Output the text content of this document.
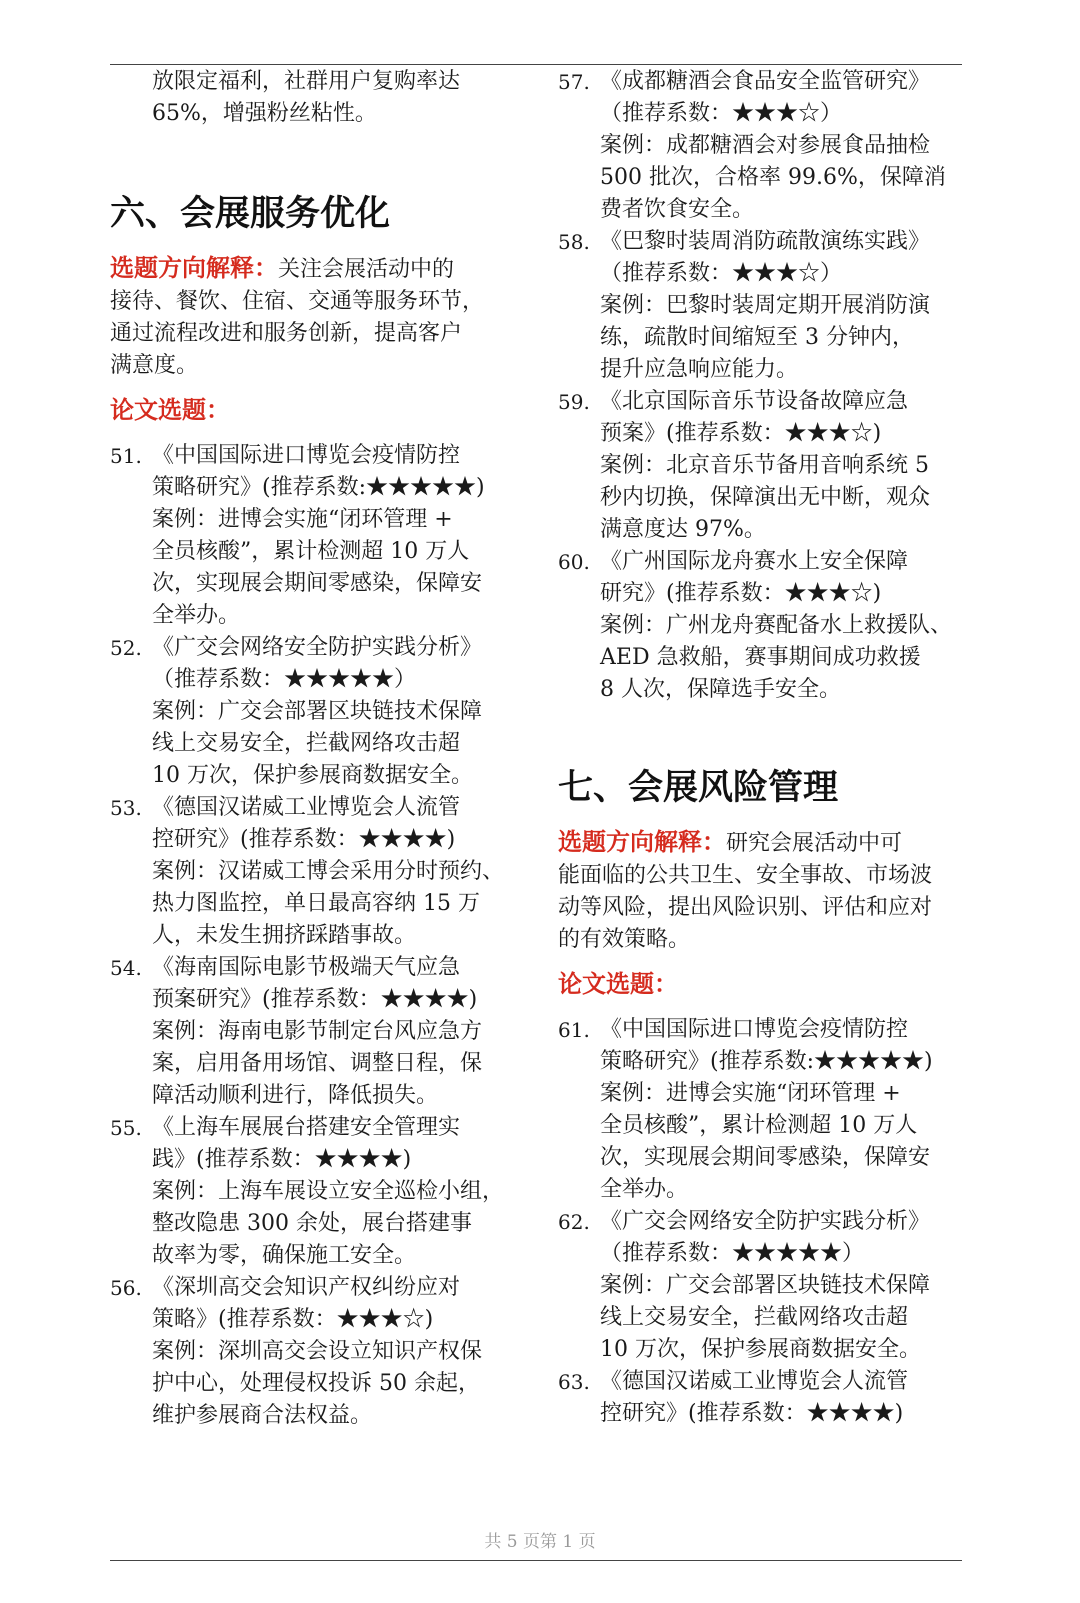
放限定福利，社群用户复购率达
65%，增强粉丝粘性。
六、会展服务优化
选题方向解释：关注会展活动中的
接待、餐饮、住宿、交通等服务环节，
通过流程改进和服务创新，提高客户
满意度。
论文选题：
51. 《中国国际进口博览会疫情防控
策略研究》(推荐系数:★★★★★)
案例：进博会实施“闭环管理 +
全员核酸”，累计检测超 10 万人
次，实现展会期间零感染，保障安
全举办。
52. 《广交会网络安全防护实践分析》
（推荐系数：★★★★★）
案例：广交会部署区块链技术保障
线上交易安全，拦截网络攻击超
10 万次，保护参展商数据安全。
53. 《德国汉诺威工业博览会人流管
控研究》(推荐系数：★★★★)
案例：汉诺威工博会采用分时预约、
热力图监控，单日最高容纳 15 万
人，未发生拥挤踩踏事故。
54. 《海南国际电影节极端天气应急
预案研究》(推荐系数：★★★★)
案例：海南电影节制定台风应急方
案，启用备用场馆、调整日程，保
障活动顺利进行，降低损失。
55. 《上海车展展台搭建安全管理实
践》(推荐系数：★★★★)
案例：上海车展设立安全巡检小组，
整改隐患 300 余处，展台搭建事
故率为零，确保施工安全。
56. 《深圳高交会知识产权纠纷应对
策略》(推荐系数：★★★☆)
案例：深圳高交会设立知识产权保
护中心，处理侵权投诉 50 余起，
维护参展商合法权益。
57. 《成都糖酒会食品安全监管研究》
（推荐系数：★★★☆）
案例：成都糖酒会对参展食品抽检
500 批次，合格率 99.6%，保障消
费者饮食安全。
58. 《巴黎时装周消防疏散演练实践》
（推荐系数：★★★☆）
案例：巴黎时装周定期开展消防演
练，疏散时间缩短至 3 分钟内，
提升应急响应能力。
59. 《北京国际音乐节设备故障应急
预案》(推荐系数：★★★☆)
案例：北京音乐节备用音响系统 5
秒内切换，保障演出无中断，观众
满意度达 97%。
60. 《广州国际龙舟赛水上安全保障
研究》(推荐系数：★★★☆)
案例：广州龙舟赛配备水上救援队、
AED 急救船，赛事期间成功救援
8 人次，保障选手安全。
七、会展风险管理
选题方向解释：研究会展活动中可
能面临的公共卫生、安全事故、市场波
动等风险，提出风险识别、评估和应对
的有效策略。
论文选题：
61. 《中国国际进口博览会疫情防控
策略研究》(推荐系数:★★★★★)
案例：进博会实施“闭环管理 +
全员核酸”，累计检测超 10 万人
次，实现展会期间零感染，保障安
全举办。
62. 《广交会网络安全防护实践分析》
（推荐系数：★★★★★）
案例：广交会部署区块链技术保障
线上交易安全，拦截网络攻击超
10 万次，保护参展商数据安全。
63. 《德国汉诺威工业博览会人流管
控研究》(推荐系数：★★★★)
共 5 页第 1 页
